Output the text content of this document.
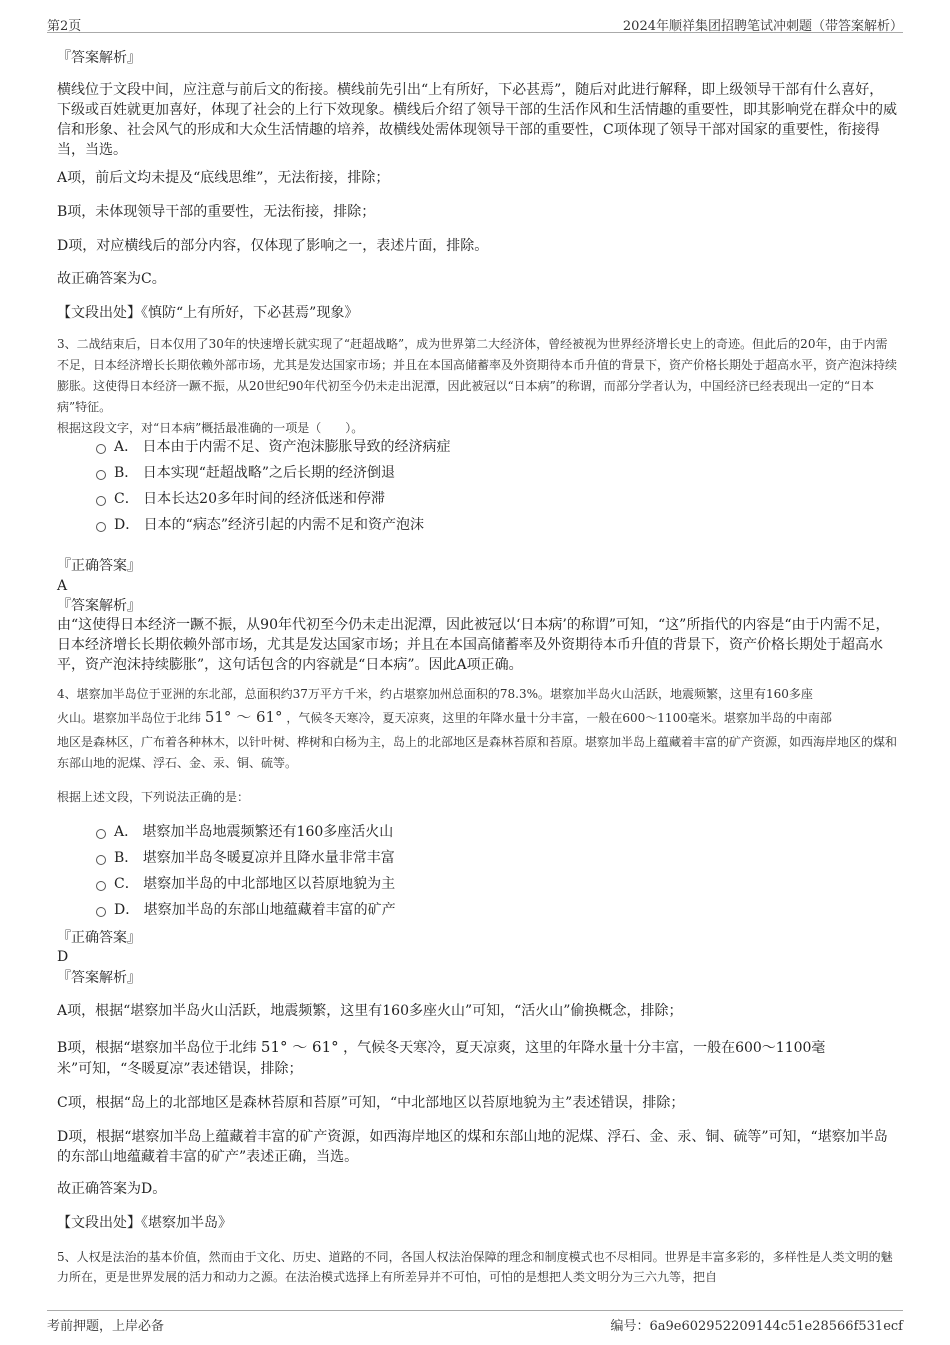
第2页	2024年顺祥集团招聘笔试冲刺题（带答案解析）
『答案解析』
横线位于文段中间，应注意与前后文的衔接。横线前先引出“上有所好，下必甚焉”，随后对此进行解释，即上级领导干部有什么喜好，下级或百姓就更加喜好，体现了社会的上行下效现象。横线后介绍了领导干部的生活作风和生活情趣的重要性，即其影响党在群众中的威信和形象、社会风气的形成和大众生活情趣的培养，故横线处需体现领导干部的重要性，C项体现了领导干部对国家的重要性，衔接得当，当选。
A项，前后文均未提及“底线思维”，无法衔接，排除；
B项，未体现领导干部的重要性，无法衔接，排除；
D项，对应横线后的部分内容，仅体现了影响之一，表述片面，排除。
故正确答案为C。
【文段出处】《慎防“上有所好，下必甚焉”现象》
3、二战结束后，日本仅用了30年的快速增长就实现了“赶超战略”，成为世界第二大经济体，曾经被视为世界经济增长史上的奇迹。但此后的20年，由于内需不足，日本经济增长长期依赖外部市场，尤其是发达国家市场；并且在本国高储蓄率及外资期待本币升值的背景下，资产价格长期处于超高水平，资产泡沫持续膨胀。这使得日本经济一蹶不振，从20世纪90年代初至今仍未走出泥潭，因此被冠以“日本病”的称谓，而部分学者认为，中国经济已经表现出一定的“日本病”特征。
根据这段文字，对“日本病”概括最准确的一项是（　　）。
A． 日本由于内需不足、资产泡沫膨胀导致的经济病症
B． 日本实现“赶超战略”之后长期的经济倒退
C． 日本长达20多年时间的经济低迷和停滞
D． 日本的“病态”经济引起的内需不足和资产泡沫
『正确答案』
A
『答案解析』
由“这使得日本经济一蹶不振，从90年代初至今仍未走出泥潭，因此被冠以‘日本病’的称谓”可知，“这”所指代的内容是“由于内需不足，日本经济增长长期依赖外部市场，尤其是发达国家市场；并且在本国高储蓄率及外资期待本币升值的背景下，资产价格长期处于超高水平，资产泡沫持续膨胀”，这句话包含的内容就是“日本病”。因此A项正确。
4、堪察加半岛位于亚洲的东北部，总面积约37万平方千米，约占堪察加州总面积的78.3%。堪察加半岛火山活跃，地震频繁，这里有160多座
火山。堪察加半岛位于北纬 51° ～ 61° ，气候冬天寒冷，夏天凉爽，这里的年降水量十分丰富，一般在600～1100毫米。堪察加半岛的中南部
地区是森林区，广布着各种林木，以针叶树、桦树和白杨为主，岛上的北部地区是森林苔原和苔原。堪察加半岛上蕴藏着丰富的矿产资源，如西海岸地区的煤和东部山地的泥煤、浮石、金、汞、铜、硫等。
根据上述文段，下列说法正确的是：
A． 堪察加半岛地震频繁还有160多座活火山
B． 堪察加半岛冬暖夏凉并且降水量非常丰富
C． 堪察加半岛的中北部地区以苔原地貌为主
D． 堪察加半岛的东部山地蕴藏着丰富的矿产
『正确答案』
D
『答案解析』
A项，根据“堪察加半岛火山活跃，地震频繁，这里有160多座火山”可知，“活火山”偷换概念，排除；
B项，根据“堪察加半岛位于北纬 51° ～ 61° ，气候冬天寒冷，夏天凉爽，这里的年降水量十分丰富，一般在600～1100毫
米”可知，“冬暖夏凉”表述错误，排除；
C项，根据“岛上的北部地区是森林苔原和苔原”可知，“中北部地区以苔原地貌为主”表述错误，排除；
D项，根据“堪察加半岛上蕴藏着丰富的矿产资源，如西海岸地区的煤和东部山地的泥煤、浮石、金、汞、铜、硫等”可知，“堪察加半岛的东部山地蕴藏着丰富的矿产”表述正确，当选。
故正确答案为D。
【文段出处】《堪察加半岛》
5、人权是法治的基本价值，然而由于文化、历史、道路的不同，各国人权法治保障的理念和制度模式也不尽相同。世界是丰富多彩的，多样性是人类文明的魅力所在，更是世界发展的活力和动力之源。在法治模式选择上有所差异并不可怕，可怕的是想把人类文明分为三六九等，把自
考前押题，上岸必备	编号：6a9e602952209144c51e28566f531ecf
